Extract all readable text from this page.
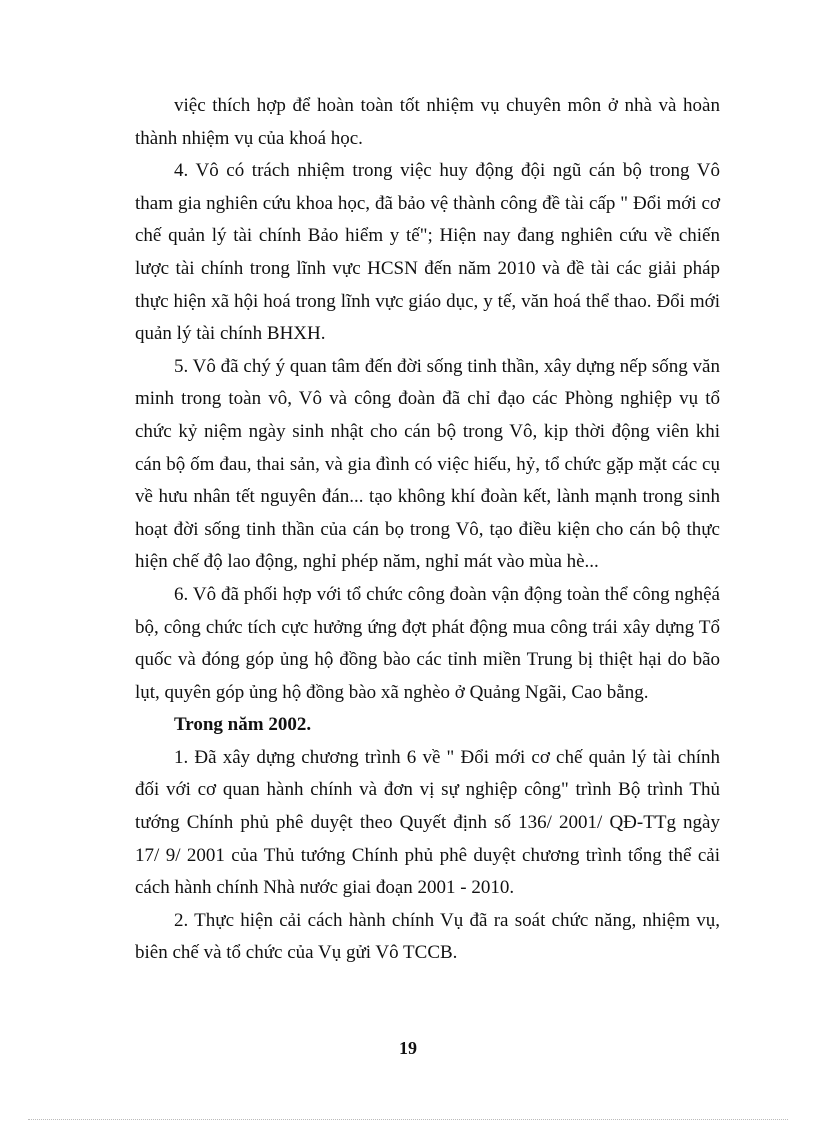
việc thích hợp để hoàn toàn tốt nhiệm vụ chuyên môn ở nhà và hoàn thành nhiệm vụ của khoá học.

4. Vô có trách nhiệm trong việc huy động đội ngũ cán bộ trong Vô tham gia nghiên cứu khoa học, đã bảo vệ thành công đề tài cấp " Đổi mới cơ chế quản lý tài chính Bảo hiểm y tế"; Hiện nay đang nghiên cứu về chiến lược tài chính trong lĩnh vực HCSN đến năm 2010 và đề tài các giải pháp thực hiện xã hội hoá trong lĩnh vực giáo dục, y tế, văn hoá thể thao. Đổi mới quản lý tài chính BHXH.

5. Vô đã chý ý quan tâm đến đời sống tinh thần, xây dựng nếp sống văn minh trong toàn vô, Vô và công đoàn đã chỉ đạo các Phòng nghiệp vụ tổ chức kỷ niệm ngày sinh nhật cho cán bộ trong Vô, kịp thời động viên khi cán bộ ốm đau, thai sản, và gia đình có việc hiếu, hỷ, tổ chức gặp mặt các cụ về hưu nhân tết nguyên đán... tạo không khí đoàn kết, lành mạnh trong sinh hoạt đời sống tinh thần của cán bọ trong Vô, tạo điều kiện cho cán bộ thực hiện chế độ lao động, nghỉ phép năm, nghỉ mát vào mùa hè...

6. Vô đã phối hợp với tổ chức công đoàn vận động toàn thể công nghệá bộ, công chức tích cực hưởng ứng đợt phát động mua công trái xây dựng Tổ quốc và đóng góp ủng hộ đồng bào các tỉnh miền Trung bị thiệt hại do bão lụt, quyên góp ủng hộ đồng bào xã nghèo ở Quảng Ngãi, Cao bằng.

Trong năm 2002.

1. Đã xây dựng chương trình 6 về " Đổi mới cơ chế quản lý tài chính đối với cơ quan hành chính và đơn vị sự nghiệp công" trình Bộ trình Thủ tướng Chính phủ phê duyệt theo Quyết định số 136/ 2001/ QĐ-TTg ngày 17/ 9/ 2001 của Thủ tướng Chính phủ phê duyệt chương trình tổng thể cải cách hành chính Nhà nước giai đoạn 2001 - 2010.

2. Thực hiện cải cách hành chính Vụ đã ra soát chức năng, nhiệm vụ, biên chế và tổ chức của Vụ gửi Vô TCCB.

19
